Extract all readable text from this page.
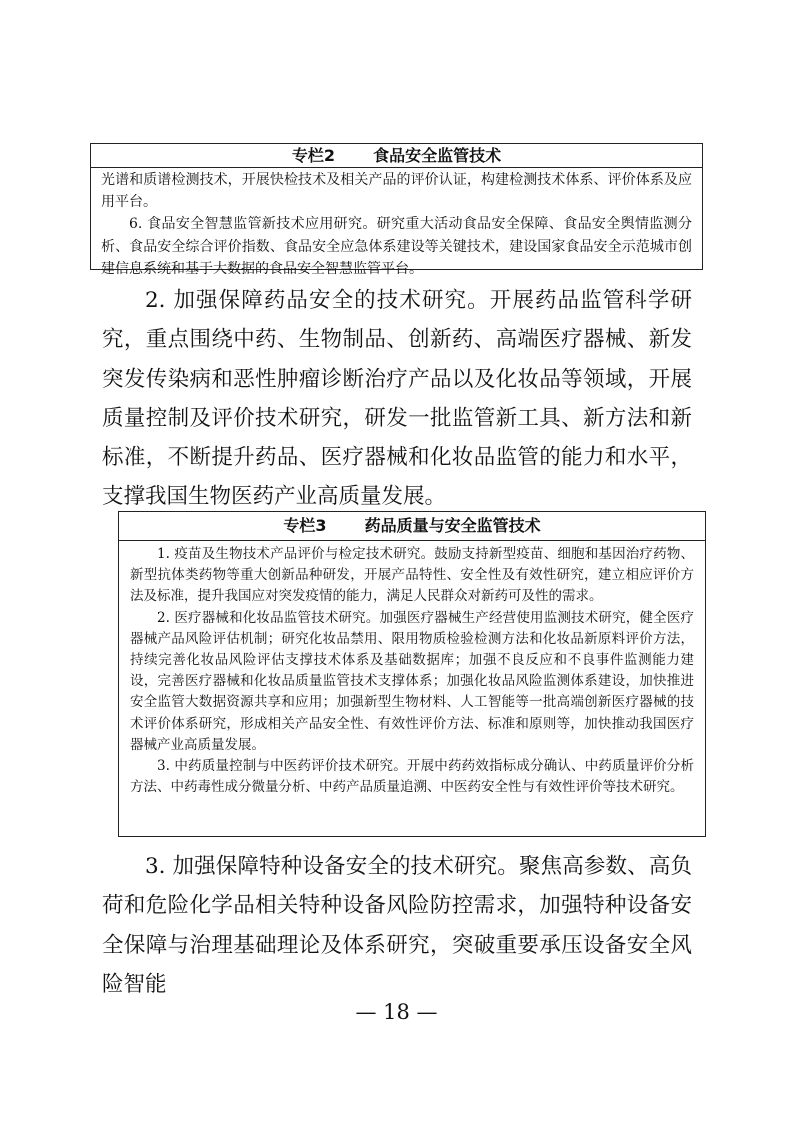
专栏2 食品安全监管技术

光谱和质谱检测技术，开展快检技术及相关产品的评价认证，构建检测技术体系、评价体系及应用平台。

6. 食品安全智慧监管新技术应用研究。研究重大活动食品安全保障、食品安全舆情监测分析、食品安全综合评价指数、食品安全应急体系建设等关键技术，建设国家食品安全示范城市创建信息系统和基于大数据的食品安全智慧监管平台。

2. 加强保障药品安全的技术研究。开展药品监管科学研究，重点围绕中药、生物制品、创新药、高端医疗器械、新发突发传染病和恶性肿瘤诊断治疗产品以及化妆品等领域，开展质量控制及评价技术研究，研发一批监管新工具、新方法和新标准，不断提升药品、医疗器械和化妆品监管的能力和水平，支撑我国生物医药产业高质量发展。

专栏3 药品质量与安全监管技术

1. 疫苗及生物技术产品评价与检定技术研究。鼓励支持新型疫苗、细胞和基因治疗药物、新型抗体类药物等重大创新品种研发，开展产品特性、安全性及有效性研究，建立相应评价方法及标准，提升我国应对突发疫情的能力，满足人民群众对新药可及性的需求。

2. 医疗器械和化妆品监管技术研究。加强医疗器械生产经营使用监测技术研究，健全医疗器械产品风险评估机制；研究化妆品禁用、限用物质检验检测方法和化妆品新原料评价方法，持续完善化妆品风险评估支撑技术体系及基础数据库；加强不良反应和不良事件监测能力建设，完善医疗器械和化妆品质量监管技术支撑体系；加强化妆品风险监测体系建设，加快推进安全监管大数据资源共享和应用；加强新型生物材料、人工智能等一批高端创新医疗器械的技术评价体系研究，形成相关产品安全性、有效性评价方法、标准和原则等，加快推动我国医疗器械产业高质量发展。

3. 中药质量控制与中医药评价技术研究。开展中药药效指标成分确认、中药质量评价分析方法、中药毒性成分微量分析、中药产品质量追溯、中医药安全性与有效性评价等技术研究。

3. 加强保障特种设备安全的技术研究。聚焦高参数、高负荷和危险化学品相关特种设备风险防控需求，加强特种设备安全保障与治理基础理论及体系研究，突破重要承压设备安全风险智能

— 18 —
